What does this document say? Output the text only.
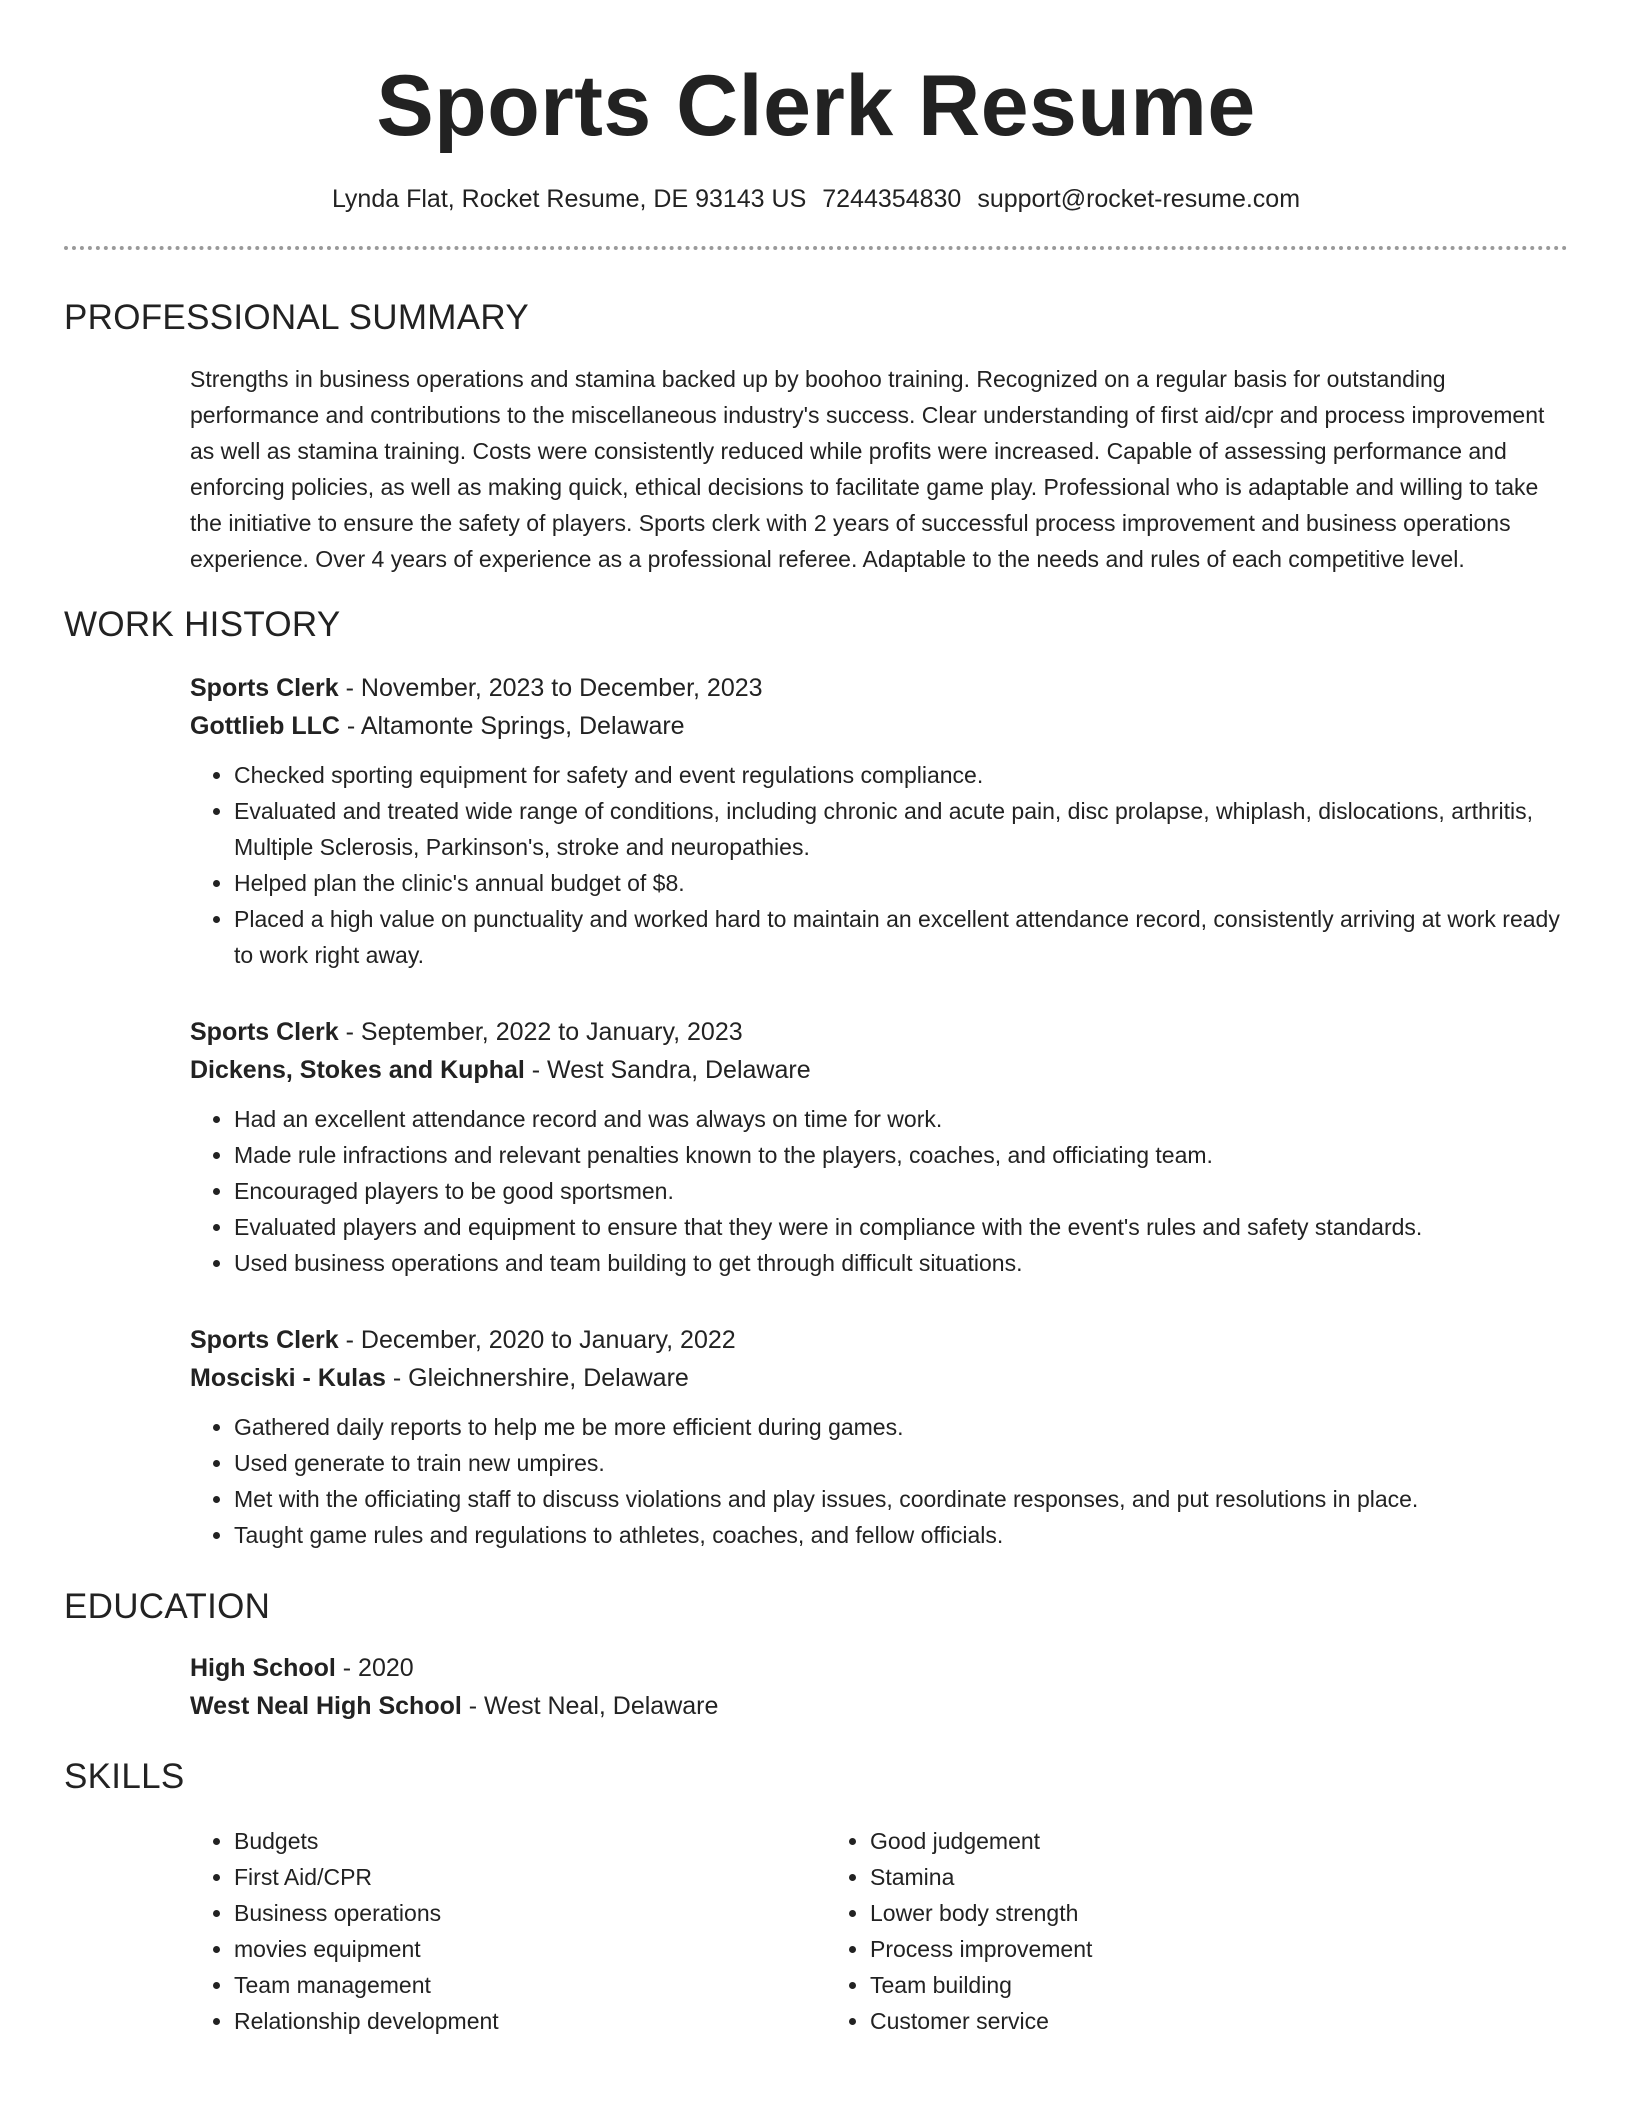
Sports Clerk Resume
Lynda Flat, Rocket Resume, DE 93143 US 7244354830 support@rocket-resume.com
PROFESSIONAL SUMMARY
Strengths in business operations and stamina backed up by boohoo training. Recognized on a regular basis for outstanding performance and contributions to the miscellaneous industry's success. Clear understanding of first aid/cpr and process improvement as well as stamina training. Costs were consistently reduced while profits were increased. Capable of assessing performance and enforcing policies, as well as making quick, ethical decisions to facilitate game play. Professional who is adaptable and willing to take the initiative to ensure the safety of players. Sports clerk with 2 years of successful process improvement and business operations experience. Over 4 years of experience as a professional referee. Adaptable to the needs and rules of each competitive level.
WORK HISTORY
Sports Clerk - November, 2023 to December, 2023
Gottlieb LLC - Altamonte Springs, Delaware
• Checked sporting equipment for safety and event regulations compliance.
• Evaluated and treated wide range of conditions, including chronic and acute pain, disc prolapse, whiplash, dislocations, arthritis, Multiple Sclerosis, Parkinson's, stroke and neuropathies.
• Helped plan the clinic's annual budget of $8.
• Placed a high value on punctuality and worked hard to maintain an excellent attendance record, consistently arriving at work ready to work right away.
Sports Clerk - September, 2022 to January, 2023
Dickens, Stokes and Kuphal - West Sandra, Delaware
• Had an excellent attendance record and was always on time for work.
• Made rule infractions and relevant penalties known to the players, coaches, and officiating team.
• Encouraged players to be good sportsmen.
• Evaluated players and equipment to ensure that they were in compliance with the event's rules and safety standards.
• Used business operations and team building to get through difficult situations.
Sports Clerk - December, 2020 to January, 2022
Mosciski - Kulas - Gleichnershire, Delaware
• Gathered daily reports to help me be more efficient during games.
• Used generate to train new umpires.
• Met with the officiating staff to discuss violations and play issues, coordinate responses, and put resolutions in place.
• Taught game rules and regulations to athletes, coaches, and fellow officials.
EDUCATION
High School - 2020
West Neal High School - West Neal, Delaware
SKILLS
• Budgets
• First Aid/CPR
• Business operations
• movies equipment
• Team management
• Relationship development
• Good judgement
• Stamina
• Lower body strength
• Process improvement
• Team building
• Customer service
